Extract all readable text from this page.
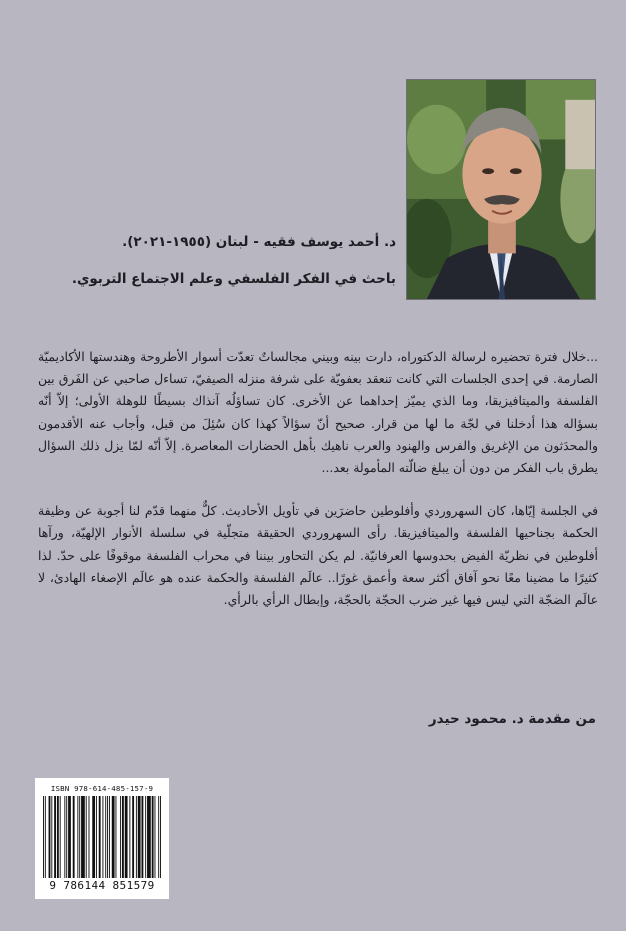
د. أحمد يوسف فقيه - لبنان (١٩٥٥-٢٠٢١).
باحث في الفكر الفلسفي وعلم الاجتماع التربوي.

...خلال فترة تحضيره لرسالة الدكتوراه، دارت بينه وبيني مجالساتٌ تعدّت أسوار الأطروحة وهندستها الأكاديميّة الصارمة. في إحدى الجلسات التي كانت تنعقد بعفويّة على شرفة منزله الصيفيّ، تساءل صاحبي عن الفَرق بين الفلسفة والميتافيزيقا، وما الذي يميّز إحداهما عن الأخرى. كان تساؤلُه آنذاك بسيطًا للوهلة الأولى؛ إلاّ أنّه بسؤاله هذا أدخلنا في لجّة ما لها من قرار. صحيح أنّ سؤالاً كهذا كان سُئِلَ من قبل، وأجاب عنه الأقدمون والمحدَثون من الإغريق والفرس والهنود والعرب ناهيك بأهل الحضارات المعاصرة. إلاّ أنّه لمّا يزل ذلك السؤال يطرق باب الفكر من دون أن يبلغ ضالّته المأمولة بعد...

في الجلسة إيّاها، كان السهروردي وأفلوطين حاضرَين في تأويل الأحاديث. كلٌّ منهما قدّم لنا أجوبة عن وظيفة الحكمة بجناحيها الفلسفة والميتافيزيقا. رأى السهروردي الحقيقة متجلّية في سلسلة الأنوار الإلهيّة، ورآها أفلوطين في نظريّة الفيض بحدوسها العرفانيّة. لم يكن التحاور بيننا في محراب الفلسفة موقوفًا على حدّ. لذا كثيرًا ما مضينا معًا نحو آفاق أكثر سعة وأعمق غورًا.. عالَم الفلسفة والحكمة عنده هو عالَم الإصغاء الهادئ، لا عالَم الضجّة التي ليس فيها غير ضرب الحجّة بالحجّة، وإبطال الرأي بالرأي.

من مقدمة د. محمود حيدر
ISBN 978-614-485-157-9
9 786144 851579
